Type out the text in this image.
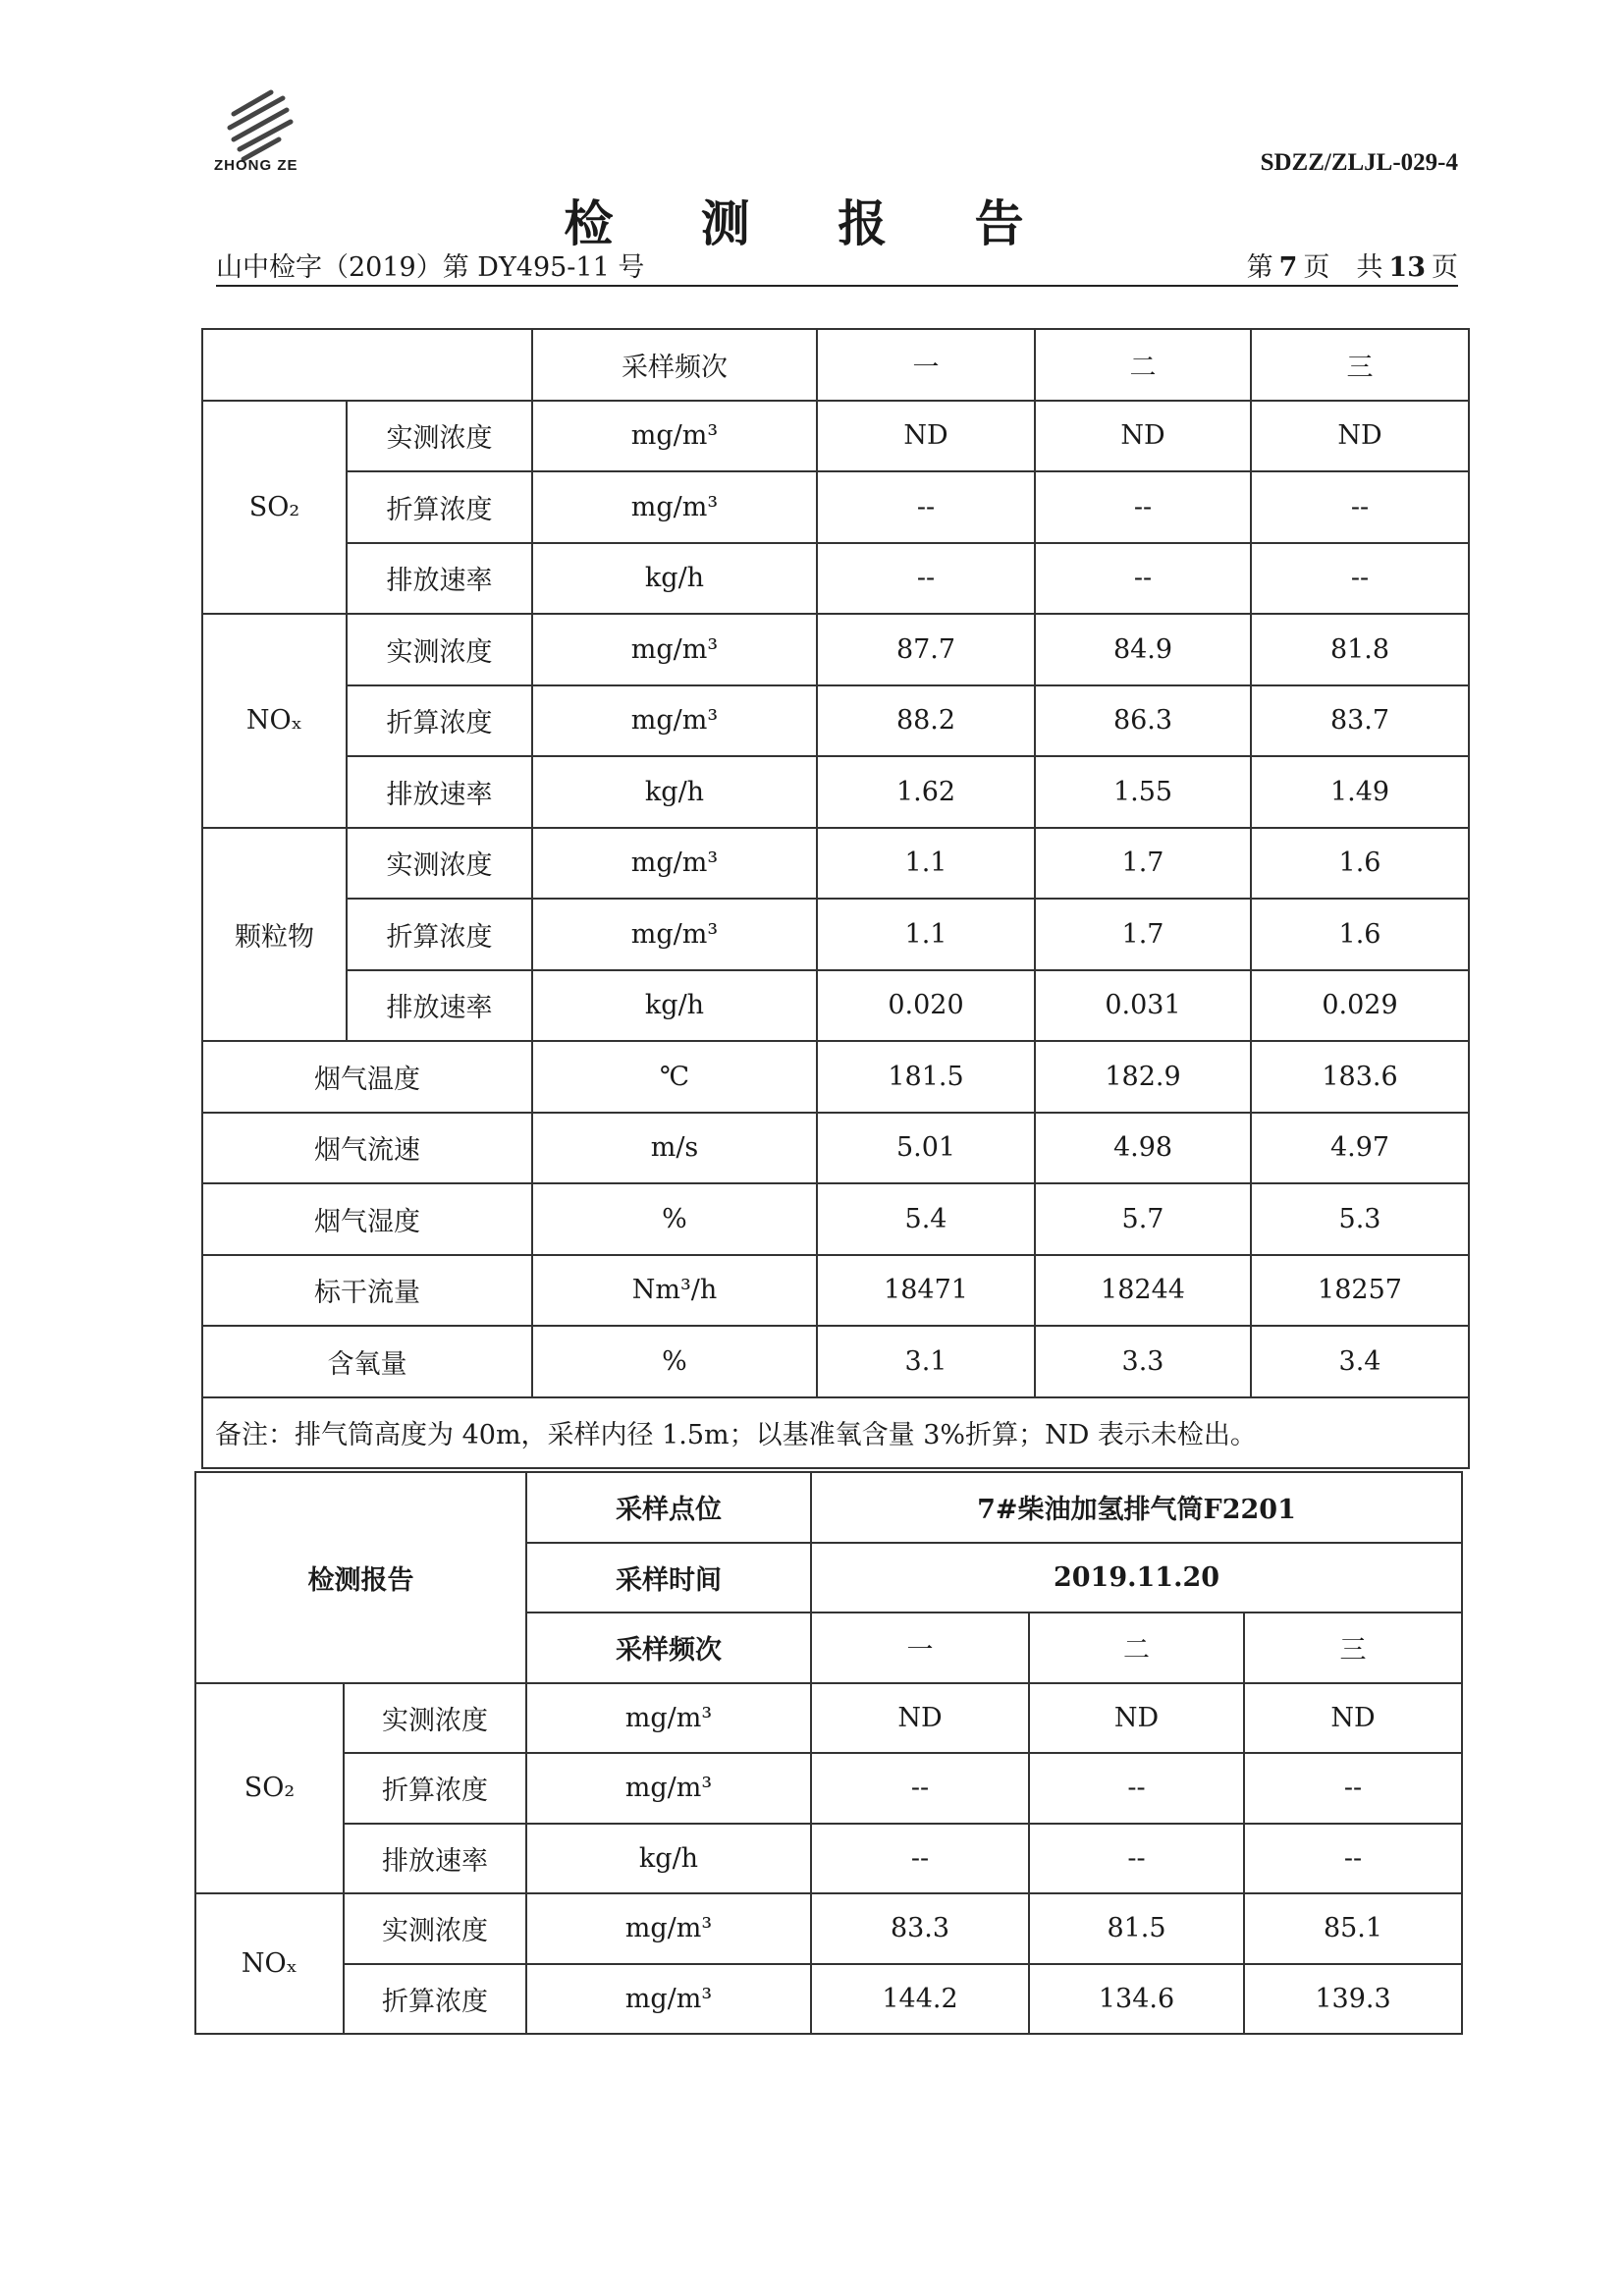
ZHONG ZE	SDZZ/ZLJL-029-4
检 测 报 告
山中检字（2019）第 DY495-11 号	第 7 页　共 13 页
		采样频次	一	二	三
SO₂	实测浓度	mg/m³	ND	ND	ND
	折算浓度	mg/m³	--	--	--
	排放速率	kg/h	--	--	--
NOₓ	实测浓度	mg/m³	87.7	84.9	81.8
	折算浓度	mg/m³	88.2	86.3	83.7
	排放速率	kg/h	1.62	1.55	1.49
颗粒物	实测浓度	mg/m³	1.1	1.7	1.6
	折算浓度	mg/m³	1.1	1.7	1.6
	排放速率	kg/h	0.020	0.031	0.029
烟气温度		℃	181.5	182.9	183.6
烟气流速		m/s	5.01	4.98	4.97
烟气湿度		%	5.4	5.7	5.3
标干流量		Nm³/h	18471	18244	18257
含氧量		%	3.1	3.3	3.4
备注：排气筒高度为 40m，采样内径 1.5m；以基准氧含量 3%折算；ND 表示未检出。					
检测报告		采样点位	7#柴油加氢排气筒F2201		
		采样时间	2019.11.20		
		采样频次	一	二	三
SO₂	实测浓度	mg/m³	ND	ND	ND
	折算浓度	mg/m³	--	--	--
	排放速率	kg/h	--	--	--
NOₓ	实测浓度	mg/m³	83.3	81.5	85.1
	折算浓度	mg/m³	144.2	134.6	139.3
